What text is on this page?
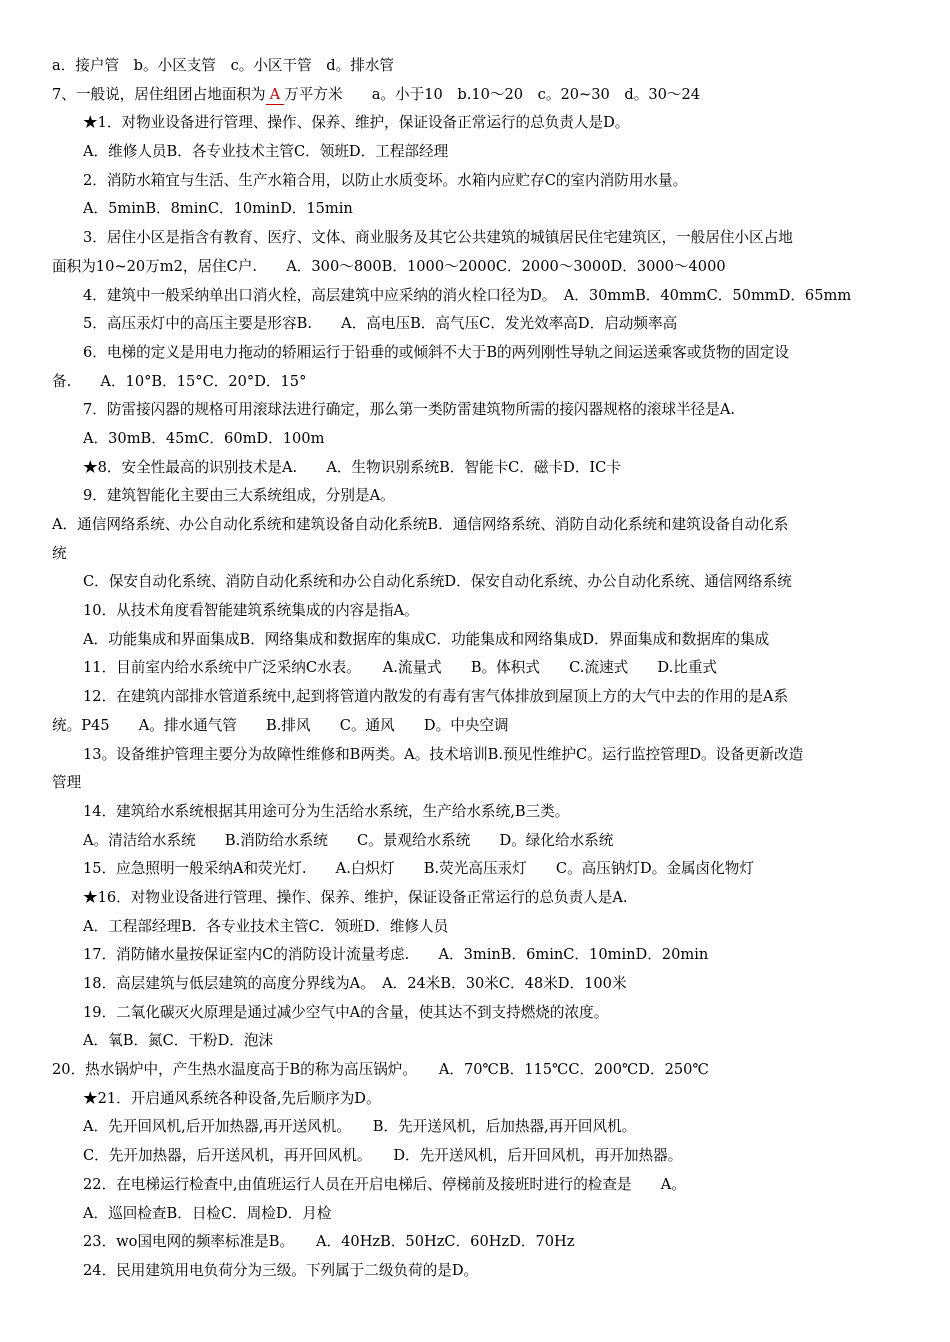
a．接户管　b。小区支管　c。小区干管　d。排水管
7、一般说，居住组团占地面积为 A 万平方米　　a。小于10　b.10～20　c。20~30　d。30～24
★1．对物业设备进行管理、操作、保养、维护，保证设备正常运行的总负责人是D。
A．维修人员B．各专业技术主管C．领班D．工程部经理
2．消防水箱宜与生活、生产水箱合用，以防止水质变坏。水箱内应贮存C的室内消防用水量。
A．5minB．8minC．10minD．15min
3．居住小区是指含有教育、医疗、文体、商业服务及其它公共建筑的城镇居民住宅建筑区，一般居住小区占地
面积为10~20万m2，居住C户.　　A．300～800B．1000～2000C．2000～3000D．3000～4000
4．建筑中一般采纳单出口消火栓，高层建筑中应采纳的消火栓口径为D。　A．30mmB．40mmC．50mmD．65mm
5．高压汞灯中的高压主要是形容B.　　A．高电压B．高气压C．发光效率高D．启动频率高
6．电梯的定义是用电力拖动的轿厢运行于铅垂的或倾斜不大于B的两列刚性导轨之间运送乘客或货物的固定设
备.　　A．10°B．15°C．20°D．15°
7．防雷接闪器的规格可用滚球法进行确定，那么第一类防雷建筑物所需的接闪器规格的滚球半径是A.
A．30mB．45mC．60mD．100m
★8．安全性最高的识别技术是A.　　A．生物识别系统B．智能卡C．磁卡D．IC卡
9．建筑智能化主要由三大系统组成，分别是A。
A．通信网络系统、办公自动化系统和建筑设备自动化系统B．通信网络系统、消防自动化系统和建筑设备自动化系
统
C．保安自动化系统、消防自动化系统和办公自动化系统D．保安自动化系统、办公自动化系统、通信网络系统
10．从技术角度看智能建筑系统集成的内容是指A。
A．功能集成和界面集成B．网络集成和数据库的集成C．功能集成和网络集成D．界面集成和数据库的集成
11．目前室内给水系统中广泛采纳C水表。　　A.流量式　　B。体积式　　C.流速式　　D.比重式
12．在建筑内部排水管道系统中,起到将管道内散发的有毒有害气体排放到屋顶上方的大气中去的作用的是A系
统。P45　　A。排水通气管　　B.排风　　C。通风　　D。中央空调
13。设备维护管理主要分为故障性维修和B两类。A。技术培训B.预见性维护C。运行监控管理D。设备更新改造
管理
14．建筑给水系统根据其用途可分为生活给水系统，生产给水系统,B三类。
A。清洁给水系统　　B.消防给水系统　　C。景观给水系统　　D。绿化给水系统
15．应急照明一般采纳A和荧光灯.　　A.白炽灯　　B.荧光高压汞灯　　C。高压钠灯D。金属卤化物灯
★16．对物业设备进行管理、操作、保养、维护，保证设备正常运行的总负责人是A.
A．工程部经理B．各专业技术主管C．领班D．维修人员
17．消防储水量按保证室内C的消防设计流量考虑.　　A．3minB．6minC．10minD．20min
18．高层建筑与低层建筑的高度分界线为A。　A．24米B．30米C．48米D．100米
19．二氧化碳灭火原理是通过减少空气中A的含量，使其达不到支持燃烧的浓度。
A．氧B．氮C．干粉D．泡沫
20．热水锅炉中，产生热水温度高于B的称为高压锅炉。　　A．70℃B．115℃C．200℃D．250℃
★21．开启通风系统各种设备,先后顺序为D。
A．先开回风机,后开加热器,再开送风机。　　B．先开送风机，后加热器,再开回风机。
C．先开加热器，后开送风机，再开回风机。　　D．先开送风机，后开回风机，再开加热器。
22．在电梯运行检查中,由值班运行人员在开启电梯后、停梯前及接班时进行的检查是　　A。
A．巡回检查B．日检C．周检D．月检
23．wo国电网的频率标准是B。　　A．40HzB．50HzC．60HzD．70Hz
24．民用建筑用电负荷分为三级。下列属于二级负荷的是D。
